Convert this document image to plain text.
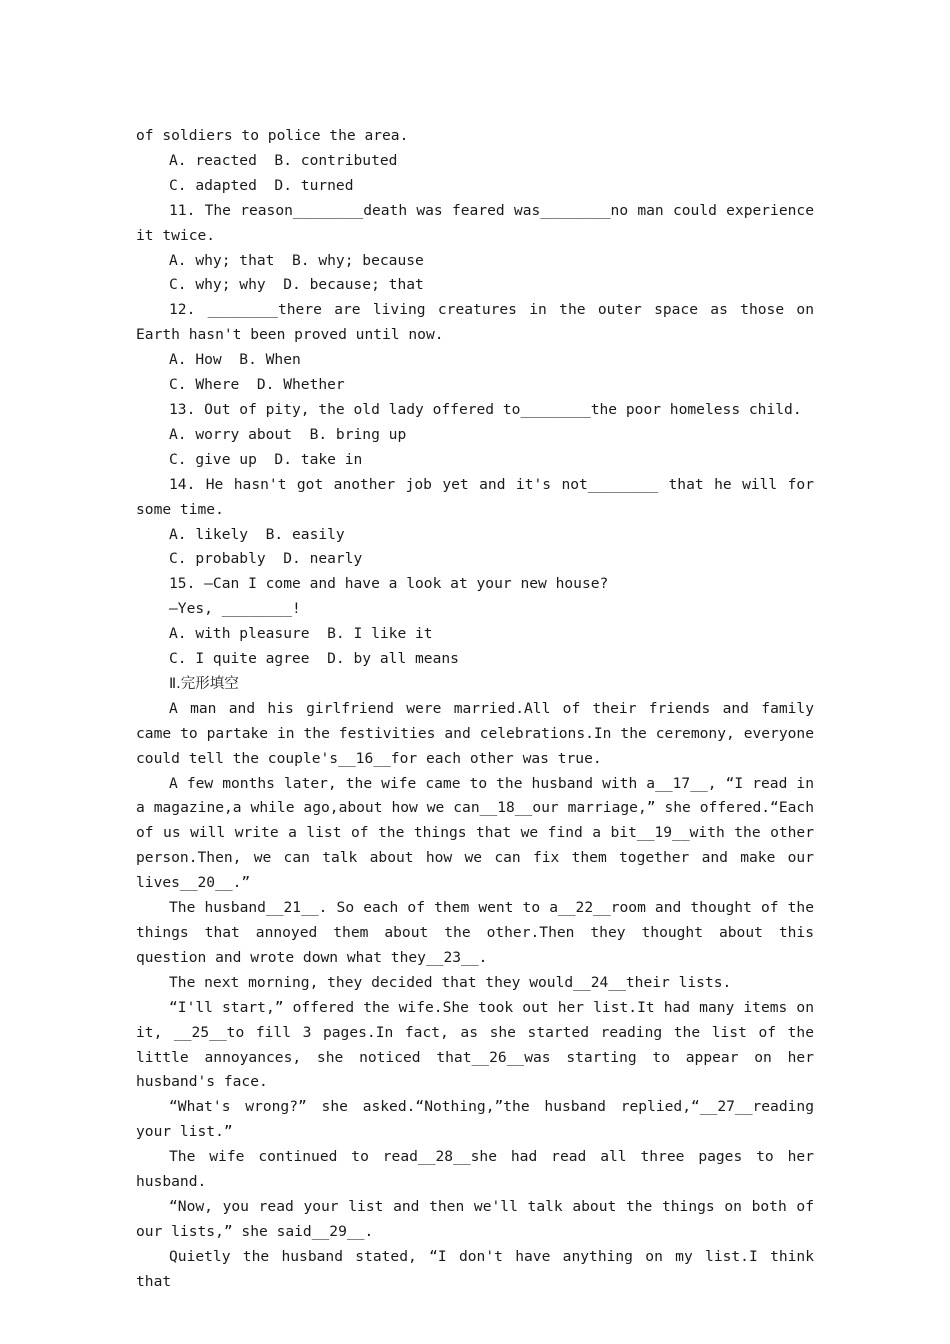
of soldiers to police the area.

A. reacted  B. contributed

C. adapted  D. turned

11. The reason________death was feared was________no man could experience it twice.

A. why; that  B. why; because

C. why; why  D. because; that

12. ________there are living creatures in the outer space as those on Earth hasn't been proved until now.

A. How  B. When

C. Where  D. Whether

13. Out of pity, the old lady offered to________the poor homeless child.

A. worry about  B. bring up

C. give up  D. take in

14. He hasn't got another job yet and it's not________ that he will for some time.

A. likely  B. easily

C. probably  D. nearly

15. —Can I come and have a look at your new house?

—Yes, ________!

A. with pleasure  B. I like it

C. I quite agree  D. by all means

Ⅱ.完形填空

A man and his girlfriend were married.All of their friends and family came to partake in the festivities and celebrations.In the ceremony, everyone could tell the couple's__16__for each other was true.

A few months later, the wife came to the husband with a__17__, “I read in a magazine,a while ago,about how we can__18__our marriage,” she offered.“Each of us will write a list of the things that we find a bit__19__with the other person.Then, we can talk about how we can fix them together and make our lives__20__.”

The husband__21__. So each of them went to a__22__room and thought of the things that annoyed them about the other.Then they thought about this question and wrote down what they__23__.

The next morning, they decided that they would__24__their lists.

“I'll start,” offered the wife.She took out her list.It had many items on it, __25__to fill 3 pages.In fact, as she started reading the list of the little annoyances, she noticed that__26__was starting to appear on her husband's face.

“What's wrong?” she asked.“Nothing,”the husband replied,“__27__reading your list.”

The wife continued to read__28__she had read all three pages to her husband.

“Now, you read your list and then we'll talk about the things on both of our lists,” she said__29__.

Quietly the husband stated, “I don't have anything on my list.I think that
